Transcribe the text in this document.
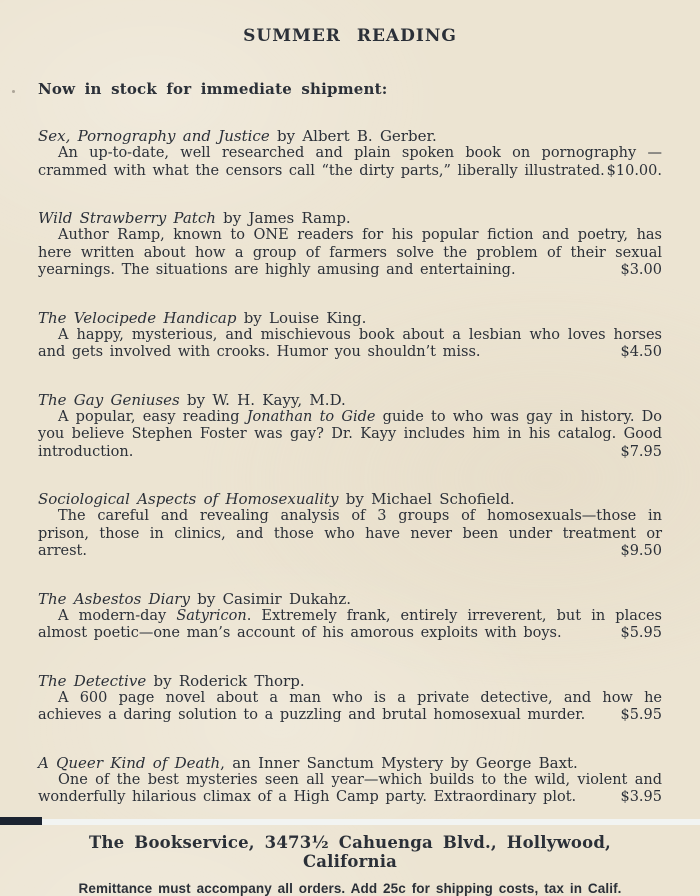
SUMMER READING
Now in stock for immediate shipment:
Sex, Pornography and Justice by Albert B. Gerber.

An up-to-date, well researched and plain spoken book on pornography — crammed with what the censors call “the dirty parts,” liberally illustrated. $10.00.

Wild Strawberry Patch by James Ramp.

Author Ramp, known to ONE readers for his popular fiction and poetry, has here written about how a group of farmers solve the problem of their sexual yearnings. The situations are highly amusing and entertaining.	$3.00

The Velocipede Handicap by Louise King.

A happy, mysterious, and mischievous book about a lesbian who loves horses and gets involved with crooks. Humor you shouldn’t miss.	$4.50

The Gay Geniuses by W. H. Kayy, M.D.

A popular, easy reading Jonathan to Gide guide to who was gay in history. Do you believe Stephen Foster was gay? Dr. Kayy includes him in his catalog. Good introduction.	$7.95

Sociological Aspects of Homosexuality by Michael Schofield.

The careful and revealing analysis of 3 groups of homosexuals—those in prison, those in clinics, and those who have never been under treatment or arrest.	$9.50

The Asbestos Diary by Casimir Dukahz.

A modern-day Satyricon. Extremely frank, entirely irreverent, but in places almost poetic—one man’s account of his amorous exploits with boys.	$5.95

The Detective by Roderick Thorp.

A 600 page novel about a man who is a private detective, and how he achieves a daring solution to a puzzling and brutal homosexual murder. $5.95

A Queer Kind of Death, an Inner Sanctum Mystery by George Baxt.

One of the best mysteries seen all year—which builds to the wild, violent and wonderfully hilarious climax of a High Camp party. Extraordinary plot.	$3.95

The Bookservice, 3473½ Cahuenga Blvd., Hollywood, California
Remittance must accompany all orders. Add 25c for shipping costs, tax in Calif.
